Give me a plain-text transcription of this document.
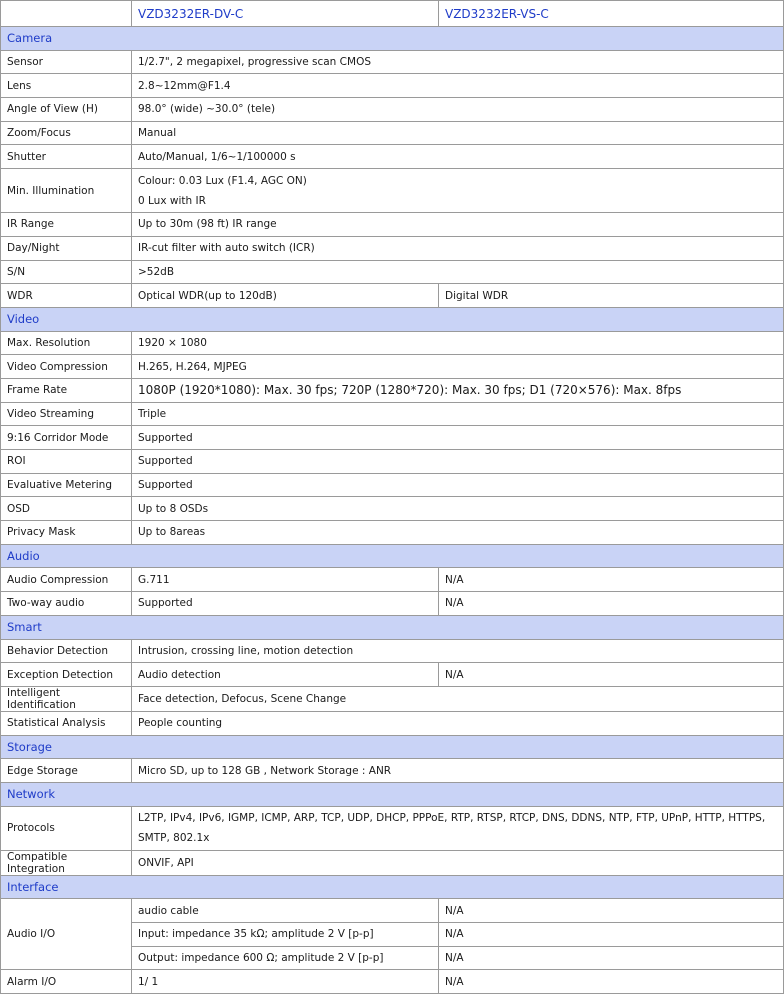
	VZD3232ER-DV-C	VZD3232ER-VS-C
Camera		
Sensor	1/2.7", 2 megapixel, progressive scan CMOS	
Lens	2.8~12mm@F1.4	
Angle of View (H)	98.0° (wide) ~30.0° (tele)	
Zoom/Focus	Manual	
Shutter	Auto/Manual, 1/6~1/100000 s	
Min. Illumination	Colour: 0.03 Lux (F1.4, AGC ON)
0 Lux with IR	

IR Range	Up to 30m (98 ft) IR range	
Day/Night	IR-cut filter with auto switch (ICR)	
S/N	>52dB	
WDR	Optical WDR(up to 120dB)	Digital WDR
Video		
Max. Resolution	1920 × 1080	
Video Compression	H.265, H.264, MJPEG	
Frame Rate	1080P (1920*1080): Max. 30 fps; 720P (1280*720): Max. 30 fps; D1 (720×576): Max. 8fps	
Video Streaming	Triple	
9:16 Corridor Mode	Supported	
ROI	Supported	
Evaluative Metering	Supported	
OSD	Up to 8 OSDs	
Privacy Mask	Up to 8areas	
Audio		
Audio Compression	G.711	N/A
Two-way audio	Supported	N/A
Smart		
Behavior Detection	Intrusion, crossing line, motion detection	
Exception Detection	Audio detection	N/A
Intelligent Identification	Face detection, Defocus, Scene Change	
Statistical Analysis	People counting	
Storage		
Edge Storage	Micro SD, up to 128 GB , Network Storage : ANR	
Network		
Protocols	L2TP, IPv4, IPv6, IGMP, ICMP, ARP, TCP, UDP, DHCP, PPPoE, RTP, RTSP, RTCP, DNS, DDNS, NTP, FTP, UPnP, HTTP, HTTPS, SMTP, 802.1x	
Compatible Integration	ONVIF, API	
Interface		
Audio I/O	audio cable	N/A
	Input: impedance 35 kΩ; amplitude 2 V [p-p]	N/A
	Output: impedance 600 Ω; amplitude 2 V [p-p]	N/A
Alarm I/O	1/ 1	N/A
